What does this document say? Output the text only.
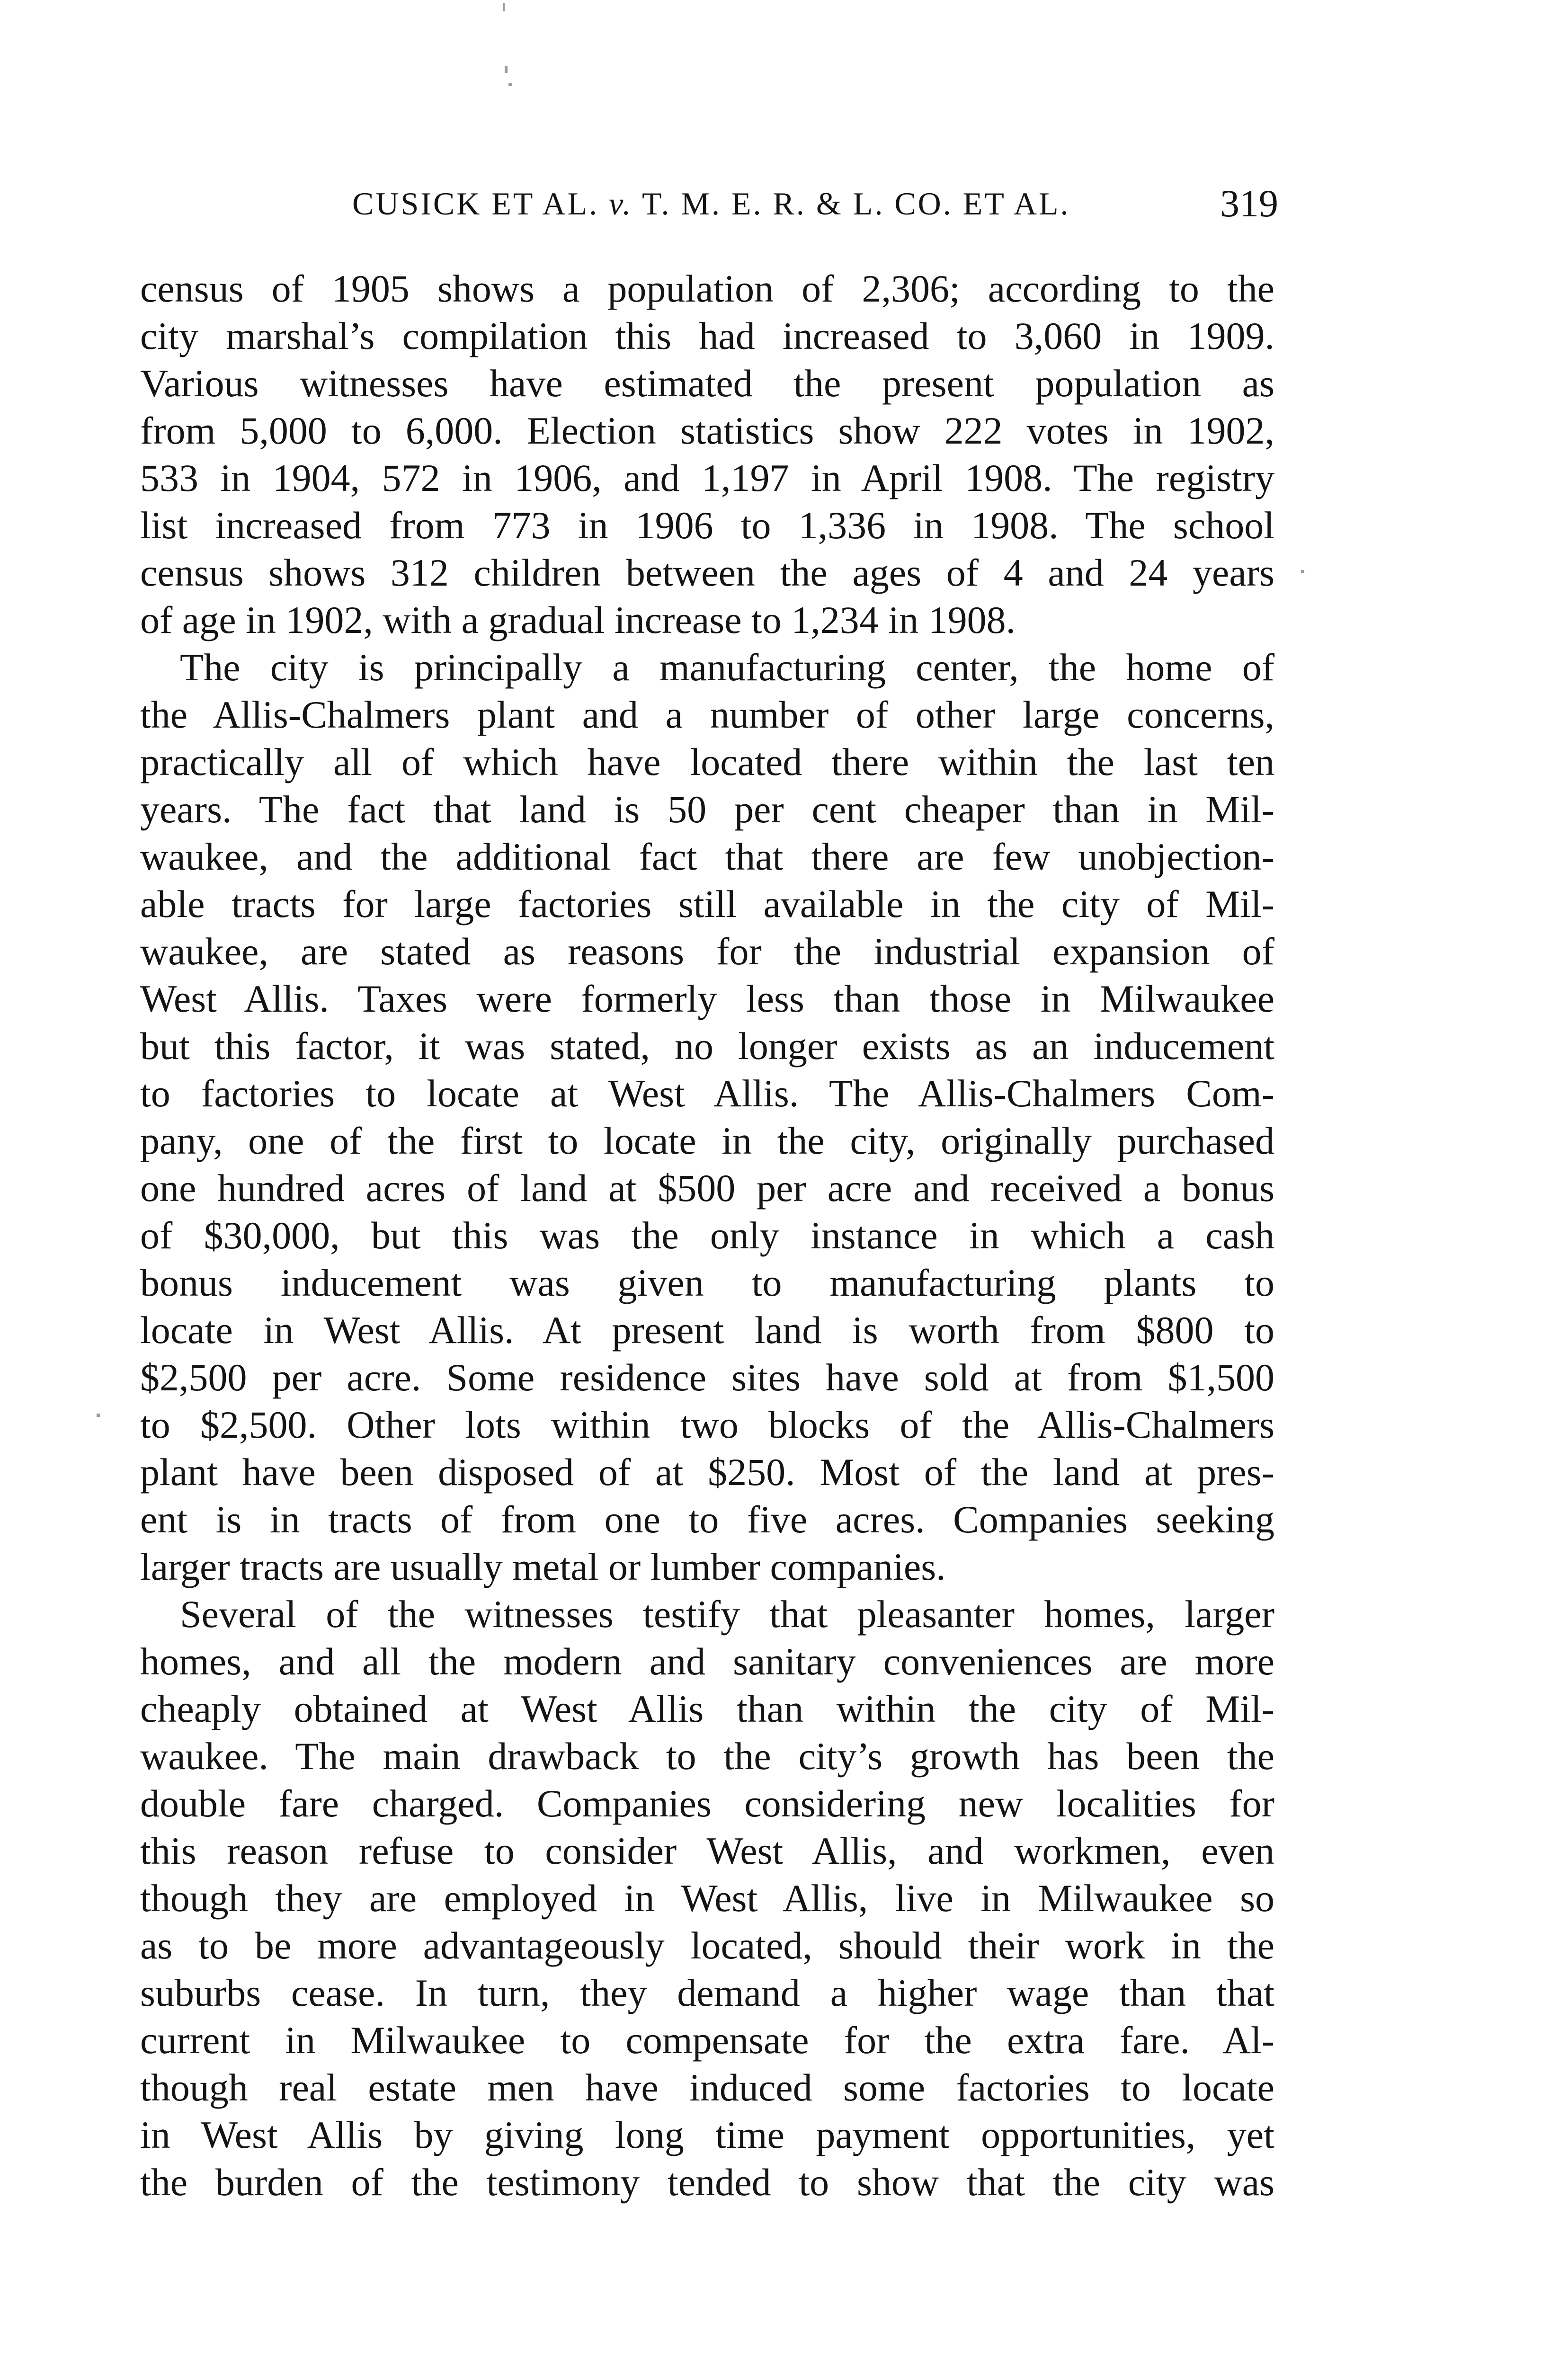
CUSICK ET AL. v. T. M. E. R. & L. CO. ET AL.	319
census of 1905 shows a population of 2,306; according to the
city marshal’s compilation this had increased to 3,060 in 1909.
Various witnesses have estimated the present population as
from 5,000 to 6,000. Election statistics show 222 votes in 1902,
533 in 1904, 572 in 1906, and 1,197 in April 1908. The registry
list increased from 773 in 1906 to 1,336 in 1908. The school
census shows 312 children between the ages of 4 and 24 years
of age in 1902, with a gradual increase to 1,234 in 1908.
The city is principally a manufacturing center, the home of
the Allis-Chalmers plant and a number of other large concerns,
practically all of which have located there within the last ten
years. The fact that land is 50 per cent cheaper than in Mil-
waukee, and the additional fact that there are few unobjection-
able tracts for large factories still available in the city of Mil-
waukee, are stated as reasons for the industrial expansion of
West Allis. Taxes were formerly less than those in Milwaukee
but this factor, it was stated, no longer exists as an inducement
to factories to locate at West Allis. The Allis-Chalmers Com-
pany, one of the first to locate in the city, originally purchased
one hundred acres of land at $500 per acre and received a bonus
of $30,000, but this was the only instance in which a cash
bonus inducement was given to manufacturing plants to
locate in West Allis. At present land is worth from $800 to
$2,500 per acre. Some residence sites have sold at from $1,500
to $2,500. Other lots within two blocks of the Allis-Chalmers
plant have been disposed of at $250. Most of the land at pres-
ent is in tracts of from one to five acres. Companies seeking
larger tracts are usually metal or lumber companies.
Several of the witnesses testify that pleasanter homes, larger
homes, and all the modern and sanitary conveniences are more
cheaply obtained at West Allis than within the city of Mil-
waukee. The main drawback to the city’s growth has been the
double fare charged. Companies considering new localities for
this reason refuse to consider West Allis, and workmen, even
though they are employed in West Allis, live in Milwaukee so
as to be more advantageously located, should their work in the
suburbs cease. In turn, they demand a higher wage than that
current in Milwaukee to compensate for the extra fare. Al-
though real estate men have induced some factories to locate
in West Allis by giving long time payment opportunities, yet
the burden of the testimony tended to show that the city was
